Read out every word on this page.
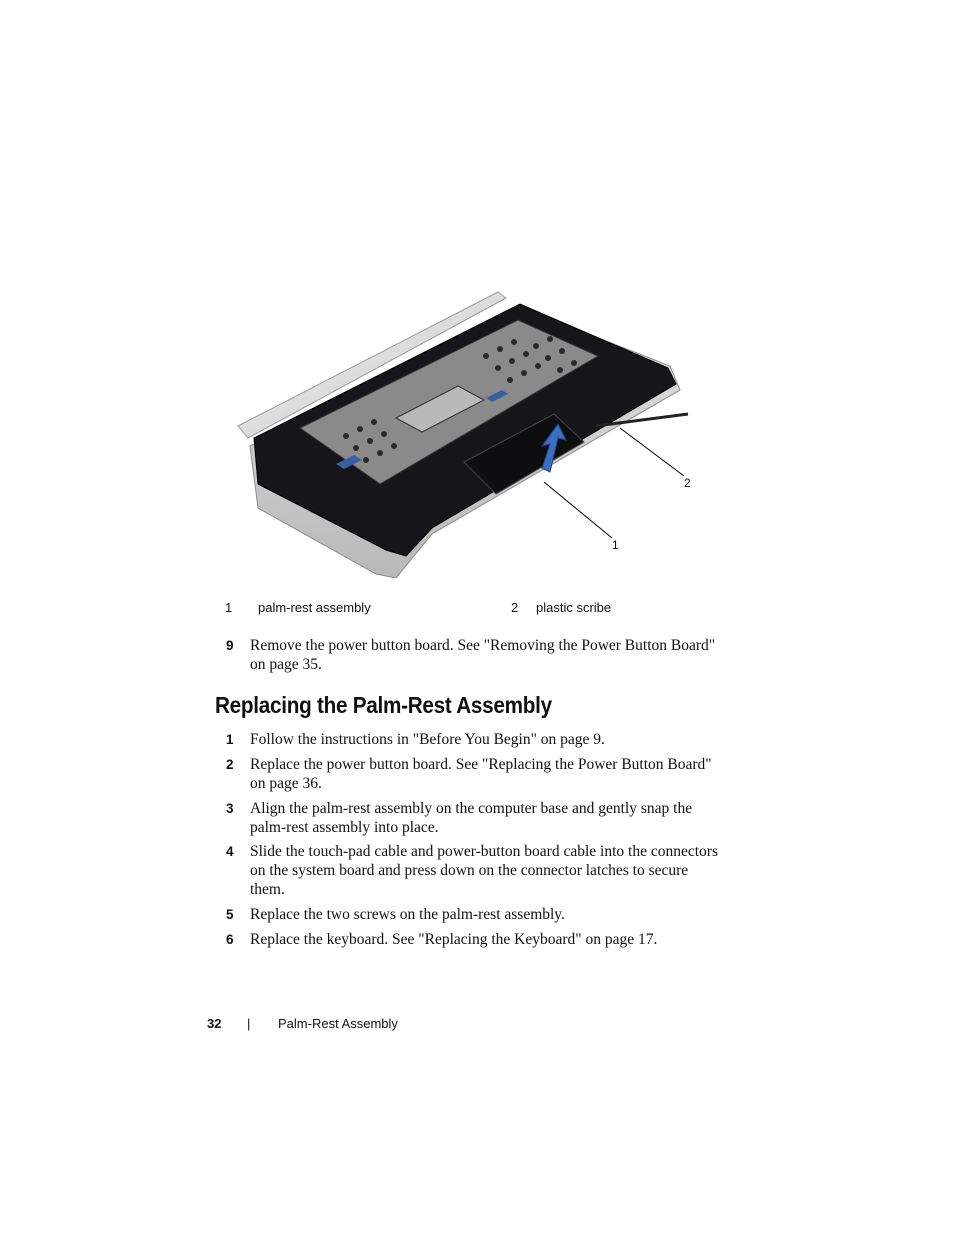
2
1
1 palm-rest assembly	2 plastic scribe
9 Remove the power button board. See "Removing the Power Button Board" on page 35.
Replacing the Palm-Rest Assembly
1 Follow the instructions in "Before You Begin" on page 9.
2 Replace the power button board. See "Replacing the Power Button Board" on page 36.
3 Align the palm-rest assembly on the computer base and gently snap the palm-rest assembly into place.
4 Slide the touch-pad cable and power-button board cable into the connectors on the system board and press down on the connector latches to secure them.
5 Replace the two screws on the palm-rest assembly.
6 Replace the keyboard. See "Replacing the Keyboard" on page 17.
32 | Palm-Rest Assembly
